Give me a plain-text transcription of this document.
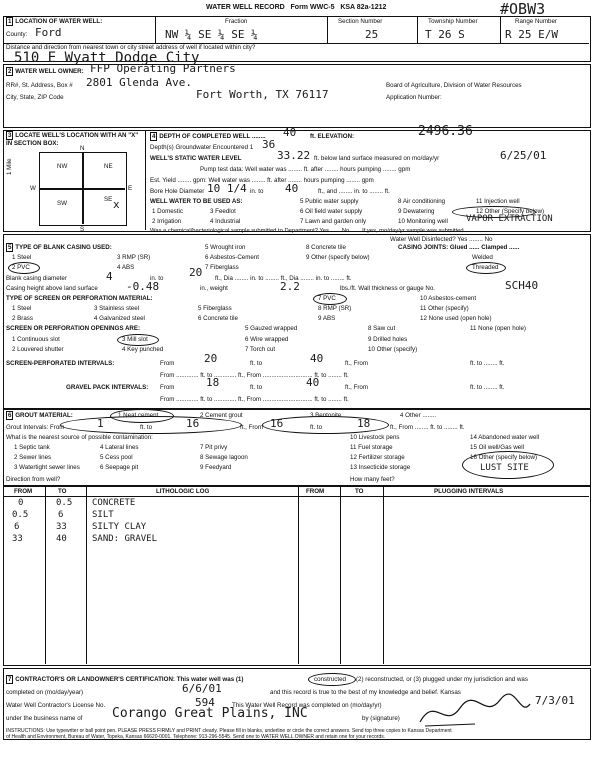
WATER WELL RECORD Form WWC-5 KSA 82a-1212	#OBW3
1 LOCATION OF WATER WELL:
County: Ford
Fraction
NW ¼ SE ¼ SE ¼
Section Number
25
Township Number
T 26 S
Range Number
R 25 E/W
Distance and direction from nearest town or city street address of well if located within city?
510 E Wyatt Dodge City
2 WATER WELL OWNER: FFP Operating Partners
RR#, St. Address, Box # 2801 Glenda Ave.
City, State, ZIP Code	Fort Worth, TX 76117
Board of Agriculture, Division of Water Resources
Application Number:
3 LOCATE WELL'S LOCATION WITH AN "X" IN SECTION BOX:
N
S
W	E
NW	NE
SW
SE x
1 Mile
4 DEPTH OF COMPLETED WELL ........ 40 ft. ELEVATION:	2496.36
Depth(s) Groundwater Encountered 1 36
WELL'S STATIC WATER LEVEL	33.22 ft. below land surface measured on mo/day/yr	6/25/01
Pump test data: Well water was ........ ft. after ........ hours pumping ........ gpm
Est. Yield ........ gpm: Well water was ........ ft. after ........ hours pumping ........ gpm
Bore Hole Diameter 10 1/4 in. to 40	ft., and ........ in. to ........ ft.
WELL WATER TO BE USED AS:	5 Public water supply	8 Air conditioning	11 Injection well
1 Domestic	3 Feedlot	6 Oil field water supply	9 Dewatering	12 Other (Specify below)
2 Irrigation	4 Industrial	7 Lawn and garden only	10 Monitoring well VAPOR EXTRACTION
Was a chemical/bacteriological sample submitted to Department? Yes ...... No ...... If yes, mo/day/yr sample was submitted
Water Well Disinfected? Yes ........ No
5 TYPE OF BLANK CASING USED:
1 Steel	3 RMP (SR)
5 Wrought iron
6 Asbestos-Cement
7 Fiberglass
8 Concrete tile
9 Other (specify below)
2 PVC	4 ABS
CASING JOINTS: Glued ...... Clamped ......
Welded
Threaded
Blank casing diameter	4	in. to 20 ft., Dia ........ in. to ........ ft., Dia ........ in. to ........ ft.
Casing height above land surface	-0.48	in., weight	2.2	lbs./ft. Wall thickness or gauge No.	SCH40
TYPE OF SCREEN OR PERFORATION MATERIAL:	7 PVC
1 Steel	3 Stainless steel	5 Fiberglass
2 Brass	4 Galvanized steel	6 Concrete tile
8 RMP (SR)
9 ABS
10 Asbestos-cement
11 Other (specify)
12 None used (open hole)
SCREEN OR PERFORATION OPENINGS ARE:
1 Continuous slot	3 Mill slot
2 Louvered shutter	4 Key punched
5 Gauzed wrapped
6 Wire wrapped
7 Torch cut
8 Saw cut
9 Drilled holes
10 Other (specify)
11 None (open hole)
SCREEN-PERFORATED INTERVALS:	From	20	ft. to	40	ft., From	ft. to ........ ft.
From ............. ft. to ............. ft., From ............................. ft. to ........ ft.
GRAVEL PACK INTERVALS: From	18	ft. to	40	ft., From	ft. to ........ ft.
From ............. ft. to ............. ft., From ............................. ft. to ........ ft.
6 GROUT MATERIAL:	1 Neat cement	2 Cement grout	3 Bentonite	4 Other ........
Grout Intervals: From	1	ft. to	16	ft., From 16	ft. to	18	ft., From ........ ft. to ........ ft.
What is the nearest source of possible contamination:
1 Septic tank	4 Lateral lines	7 Pit privy
10 Livestock pens	14 Abandoned water well
2 Sewer lines	5 Cess pool	8 Sewage lagoon
11 Fuel storage	15 Oil well/Gas well
3 Watertight sewer lines	6 Seepage pit	9 Feedyard
12 Fertilizer storage
13 Insecticide storage
16 Other (specify below)
LUST SITE
Direction from well?	How many feet?
FROM	TO	LITHOLOGIC LOG	FROM	TO	PLUGGING INTERVALS
0	0.5 CONCRETE
0.5	6	SILT
6	33	SILTY CLAY
33	40	SAND: GRAVEL
7 CONTRACTOR'S OR LANDOWNER'S CERTIFICATION: This water well was (1)	constructed (2) reconstructed, or (3) plugged under my jurisdiction and was
completed on (mo/day/year)	6/6/01	and this record is true to the best of my knowledge and belief. Kansas
Water Well Contractor's License No.	594	This Water Well Record was completed on (mo/day/yr)	7/3/01
under the business name of Corango Great Plains, INC	by (signature)
INSTRUCTIONS: Use typewriter or ball point pen. PLEASE PRESS FIRMLY and PRINT clearly. Please fill in blanks, underline or circle the correct answers. Send top three copies to Kansas Department
of Health and Environment, Bureau of Water, Topeka, Kansas 66620-0001. Telephone: 913-296-5545. Send one to WATER WELL OWNER and retain one for your records.
